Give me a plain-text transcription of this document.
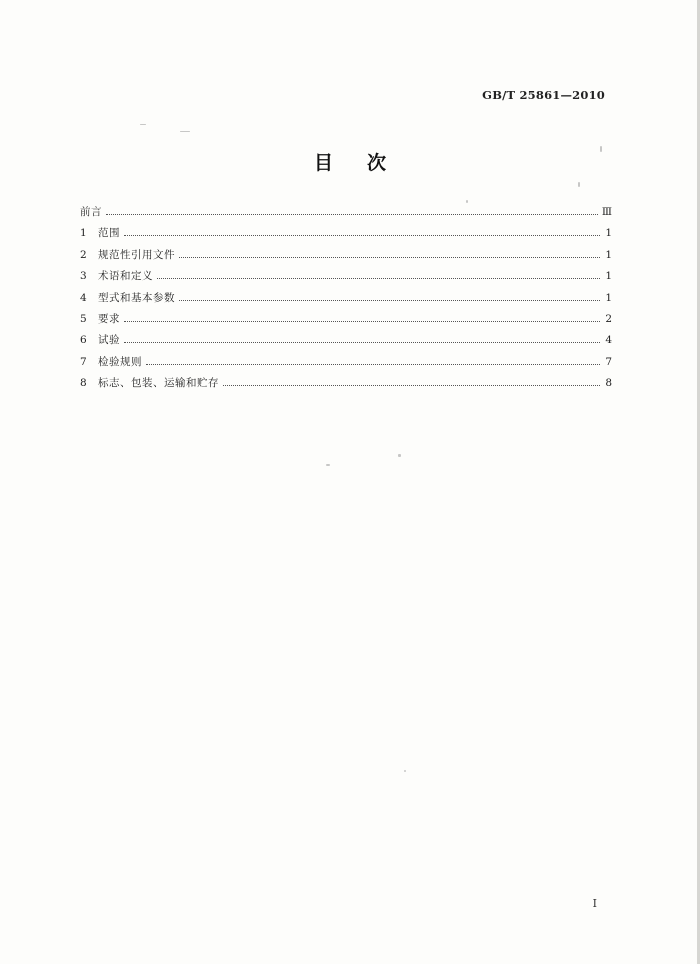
GB/T 25861—2010
目次
前言	Ⅲ
1	范围	1
2	规范性引用文件	1
3	术语和定义	1
4	型式和基本参数	1
5	要求	2
6	试验	4
7	检验规则	7
8	标志、包装、运输和贮存	8
Ⅰ
